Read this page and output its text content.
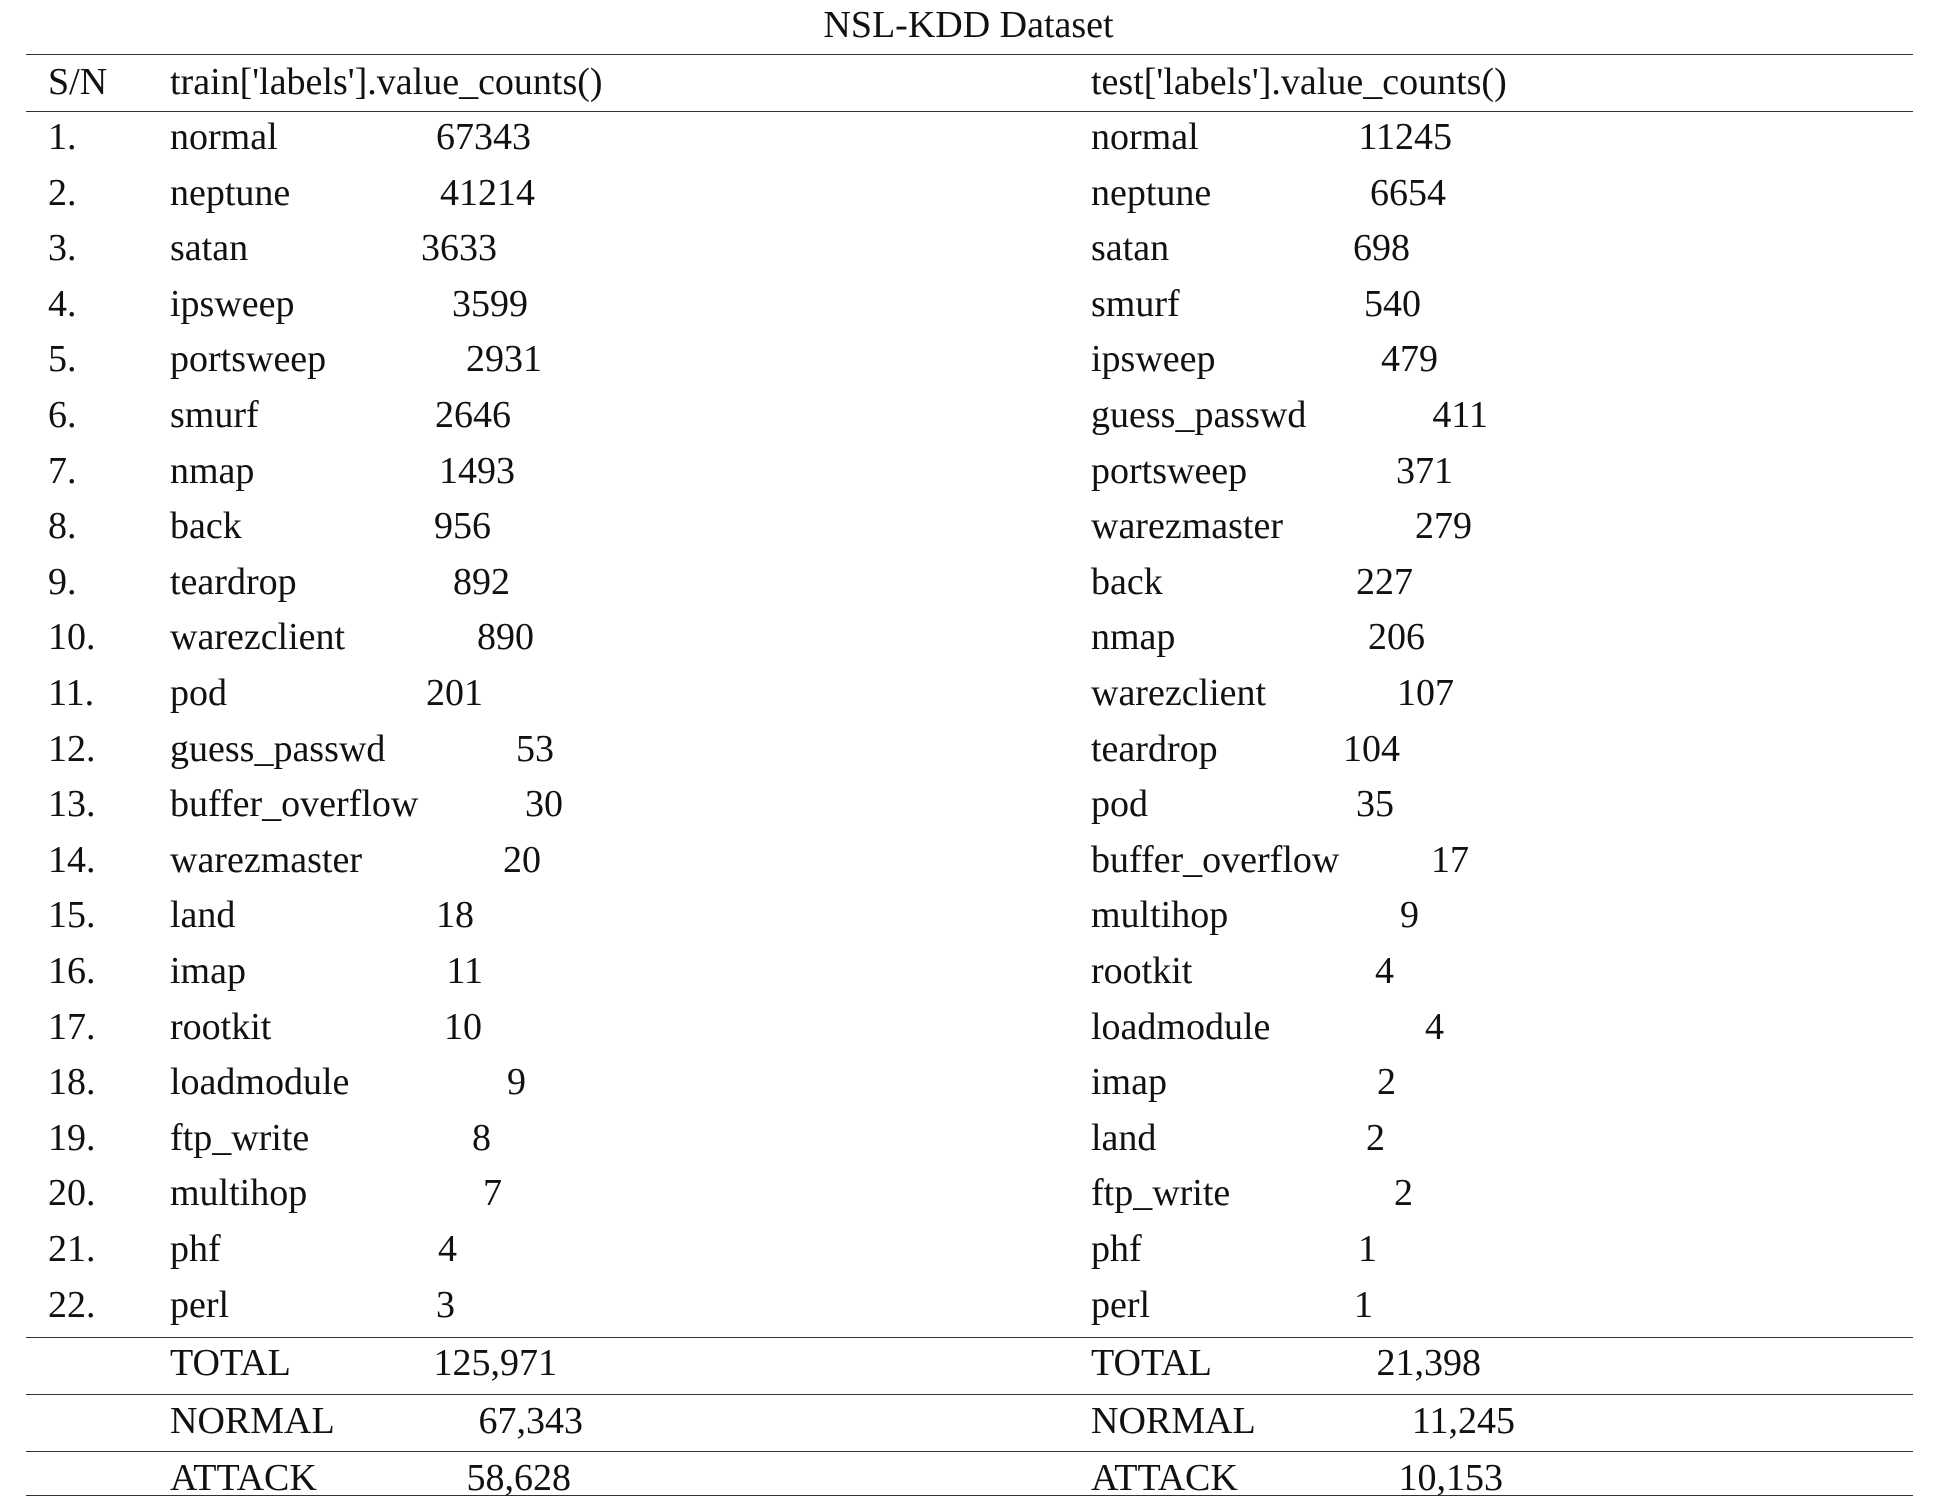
NSL-KDD Dataset
S/N train['labels'].value_counts()	test['labels'].value_counts()
1. normal	67343	normal	11245
2. neptune	41214	neptune	6654
3. satan	3633	satan	698
4. ipsweep	3599	smurf	540
5. portsweep	2931	ipsweep	479
6. smurf	2646	guess_passwd	411
7. nmap	1493	portsweep	371
8. back	956	warezmaster	279
9. teardrop	892	back	227
10. warezclient	890	nmap	206
11. pod	201	warezclient	107
12. guess_passwd	53	teardrop	104
13. buffer_overflow	30	pod	35
14. warezmaster	20	buffer_overflow 17
15. land	18	multihop	9
16. imap	11	rootkit	4
17. rootkit	10	loadmodule	4
18. loadmodule	9	imap	2
19. ftp_write	8	land	2
20. multihop	7	ftp_write	2
21. phf	4	phf	1
22. perl	3	perl	1
TOTAL	125,971	TOTAL	21,398
NORMAL	67,343	NORMAL	11,245
ATTACK	58,628	ATTACK	10,153
